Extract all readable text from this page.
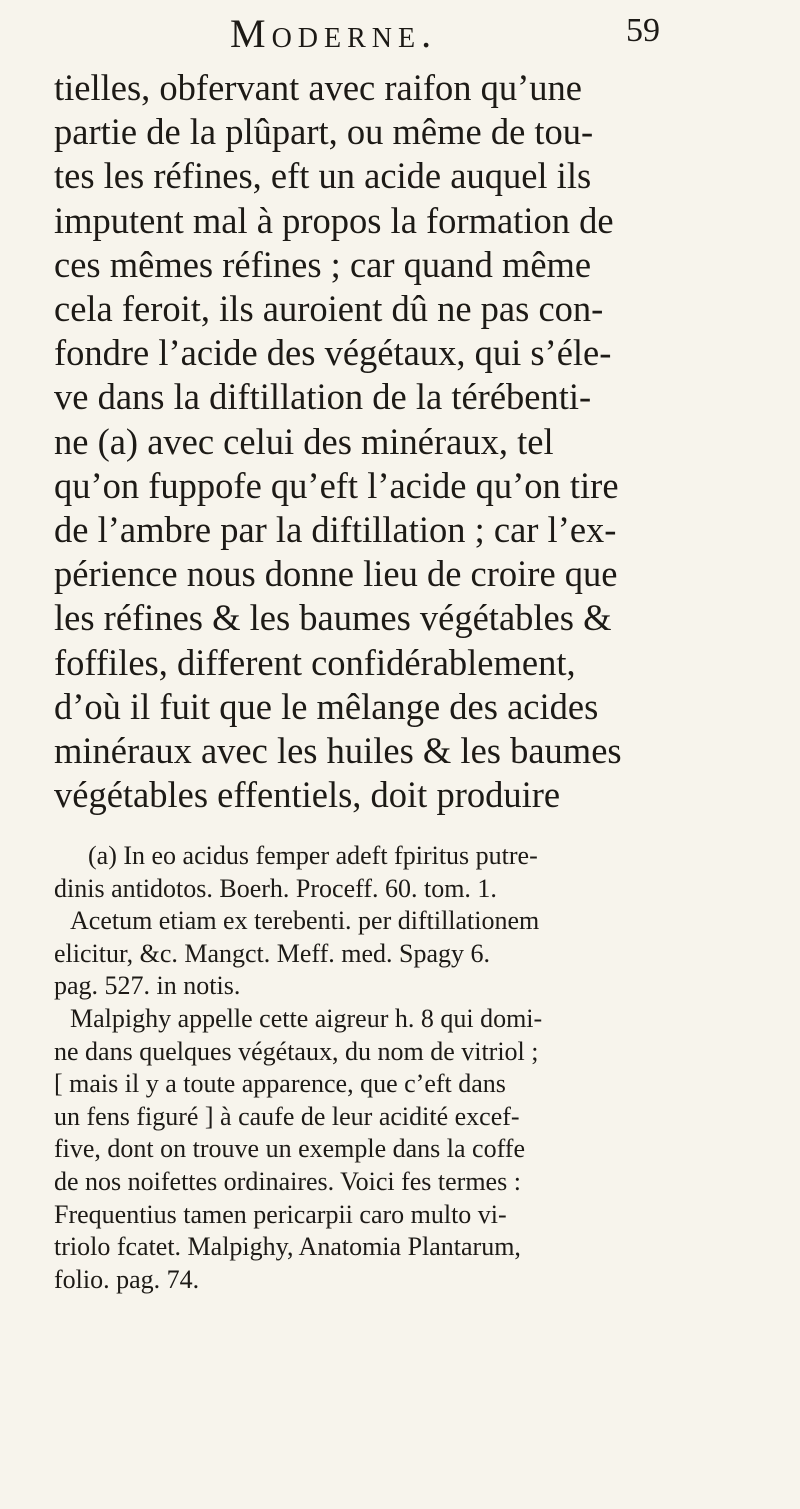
Moderne.	59

tielles, obfervant avec raifon qu’une
partie de la plûpart, ou même de tou-
tes les réfines, eft un acide auquel ils
imputent mal à propos la formation de
ces mêmes réfines ; car quand même
cela feroit, ils auroient dû ne pas con-
fondre l’acide des végétaux, qui s’éle-
ve dans la diftillation de la térébenti-
ne (a) avec celui des minéraux, tel
qu’on fuppofe qu’eft l’acide qu’on tire
de l’ambre par la diftillation ; car l’ex-
périence nous donne lieu de croire que
les réfines & les baumes végétables &
foffiles, different confidérablement,
d’où il fuit que le mêlange des acides
minéraux avec les huiles & les baumes
végétables effentiels, doit produire

(a) In eo acidus femper adeft fpiritus putre-
dinis antidotos. Boerh. Proceff. 60. tom. 1.
Acetum etiam ex terebenti. per diftillationem
elicitur, &c. Mangct. Meff. med. Spagy 6.
pag. 527. in notis.
Malpighy appelle cette aigreur h. 8 qui domi-
ne dans quelques végétaux, du nom de vitriol ;
[ mais il y a toute apparence, que c’eft dans
un fens figuré ] à caufe de leur acidité excef-
five, dont on trouve un exemple dans la coffe
de nos noifettes ordinaires. Voici fes termes :
Frequentius tamen pericarpii caro multo vi-
triolo fcatet. Malpighy, Anatomia Plantarum,
folio. pag. 74.
